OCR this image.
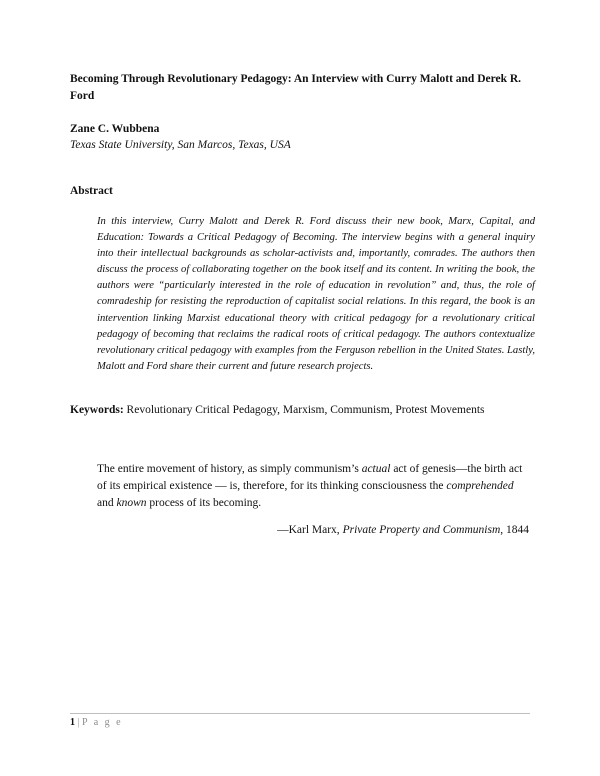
Becoming Through Revolutionary Pedagogy: An Interview with Curry Malott and Derek R. Ford
Zane C. Wubbena
Texas State University, San Marcos, Texas, USA
Abstract
In this interview, Curry Malott and Derek R. Ford discuss their new book, Marx, Capital, and Education: Towards a Critical Pedagogy of Becoming. The interview begins with a general inquiry into their intellectual backgrounds as scholar-activists and, importantly, comrades. The authors then discuss the process of collaborating together on the book itself and its content. In writing the book, the authors were “particularly interested in the role of education in revolution” and, thus, the role of comradeship for resisting the reproduction of capitalist social relations. In this regard, the book is an intervention linking Marxist educational theory with critical pedagogy for a revolutionary critical pedagogy of becoming that reclaims the radical roots of critical pedagogy. The authors contextualize revolutionary critical pedagogy with examples from the Ferguson rebellion in the United States. Lastly, Malott and Ford share their current and future research projects.
Keywords: Revolutionary Critical Pedagogy, Marxism, Communism, Protest Movements
The entire movement of history, as simply communism’s actual act of genesis—the birth act of its empirical existence — is, therefore, for its thinking consciousness the comprehended and known process of its becoming.
—Karl Marx, Private Property and Communism, 1844
1 | P a g e
